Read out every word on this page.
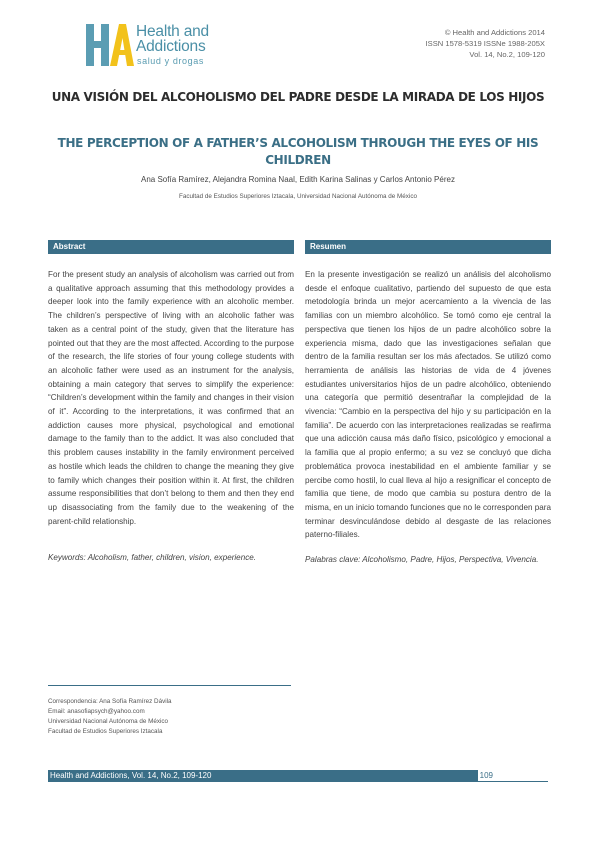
Health and
Addictions
salud y drogas
© Health and Addictions 2014
ISSN 1578-5319 ISSNe 1988-205X
Vol. 14, No.2, 109-120
UNA VISIÓN DEL ALCOHOLISMO DEL PADRE DESDE LA MIRADA DE LOS HIJOS
THE PERCEPTION OF A FATHER’S ALCOHOLISM THROUGH THE EYES OF HIS CHILDREN
Ana Sofía Ramírez, Alejandra Romina Naal, Edith Karina Salinas y Carlos Antonio Pérez
Facultad de Estudios Superiores Iztacala, Universidad Nacional Autónoma de México
Abstract

For the present study an analysis of alcoholism was carried out from a qualitative approach assuming that this methodology provides a deeper look into the family experience with an alcoholic member. The children’s perspective of living with an alcoholic father was taken as a central point of the study, given that the literature has pointed out that they are the most affected. According to the purpose of the research, the life stories of four young college students with an alcoholic father were used as an instrument for the analysis, obtaining a main category that serves to simplify the experience: “Children’s development within the family and changes in their vision of it”. According to the interpretations, it was confirmed that an addiction causes more physical, psychological and emotional damage to the family than to the addict. It was also concluded that this problem causes instability in the family environment perceived as hostile which leads the children to change the meaning they give to family which changes their position within it. At first, the children assume responsibilities that don’t belong to them and then they end up disassociating from the family due to the weakening of the parent-child relationship.

Keywords: Alcoholism, father, children, vision, experience.

Resumen

En la presente investigación se realizó un análisis del alcoholismo desde el enfoque cualitativo, partiendo del supuesto de que esta metodología brinda un mejor acercamiento a la vivencia de las familias con un miembro alcohólico. Se tomó como eje central la perspectiva que tienen los hijos de un padre alcohólico sobre la experiencia misma, dado que las investigaciones señalan que dentro de la familia resultan ser los más afectados. Se utilizó como herramienta de análisis las historias de vida de 4 jóvenes estudiantes universitarios hijos de un padre alcohólico, obteniendo una categoría que permitió desentrañar la complejidad de la vivencia: “Cambio en la perspectiva del hijo y su participación en la familia”. De acuerdo con las interpretaciones realizadas se reafirma que una adicción causa más daño físico, psicológico y emocional a la familia que al propio enfermo; a su vez se concluyó que dicha problemática provoca inestabilidad en el ambiente familiar y se percibe como hostil, lo cual lleva al hijo a resignificar el concepto de familia que tiene, de modo que cambia su postura dentro de la misma, en un inicio tomando funciones que no le corresponden para terminar desvinculándose debido al desgaste de las relaciones paterno-filiales.

Palabras clave: Alcoholismo, Padre, Hijos, Perspectiva, Vivencia.

Correspondencia: Ana Sofía Ramírez Dávila
Email: anasofiapsych@yahoo.com
Universidad Nacional Autónoma de México
Facultad de Estudios Superiores Iztacala
Health and Addictions, Vol. 14, No.2, 109-120	109
